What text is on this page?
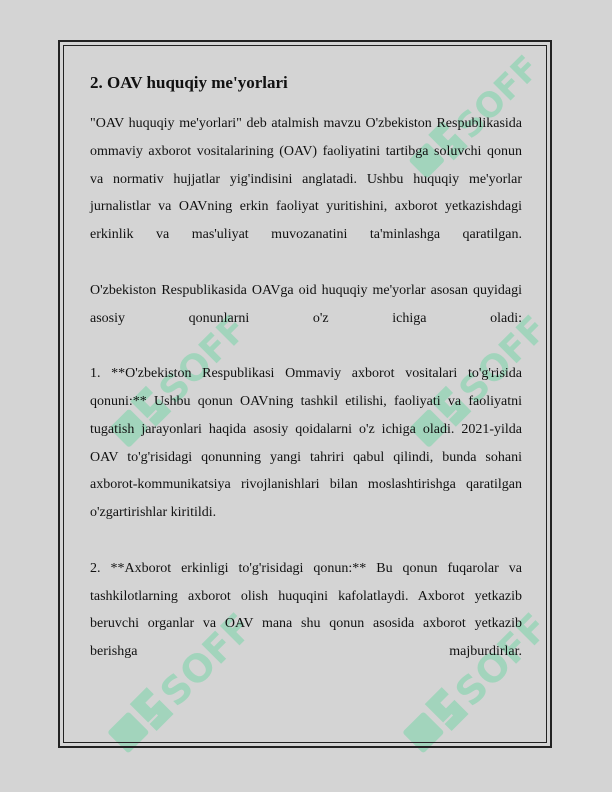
SOFF
SOFF	SOFF
SOFF	SOFF
2. OAV huquqiy me'yorlari

"OAV huquqiy me'yorlari" deb atalmish mavzu O'zbekiston Respublikasida ommaviy axborot vositalarining (OAV) faoliyatini tartibga soluvchi qonun va normativ hujjatlar yig'indisini anglatadi. Ushbu huquqiy me'yorlar jurnalistlar va OAVning erkin faoliyat yuritishini, axborot yetkazishdagi erkinlik va mas'uliyat muvozanatini ta'minlashga qaratilgan.

O'zbekiston Respublikasida OAVga oid huquqiy me'yorlar asosan quyidagi asosiy qonunlarni o'z ichiga oladi:

1. **O'zbekiston Respublikasi Ommaviy axborot vositalari to'g'risida qonuni:** Ushbu qonun OAVning tashkil etilishi, faoliyati va faoliyatni tugatish jarayonlari haqida asosiy qoidalarni o'z ichiga oladi. 2021-yilda OAV to'g'risidagi qonunning yangi tahriri qabul qilindi, bunda sohani axborot-kommunikatsiya rivojlanishlari bilan moslashtirishga qaratilgan o'zgartirishlar kiritildi.

2. **Axborot erkinligi to'g'risidagi qonun:** Bu qonun fuqarolar va tashkilotlarning axborot olish huquqini kafolatlaydi. Axborot yetkazib beruvchi organlar va OAV mana shu qonun asosida axborot yetkazib berishga majburdirlar.
